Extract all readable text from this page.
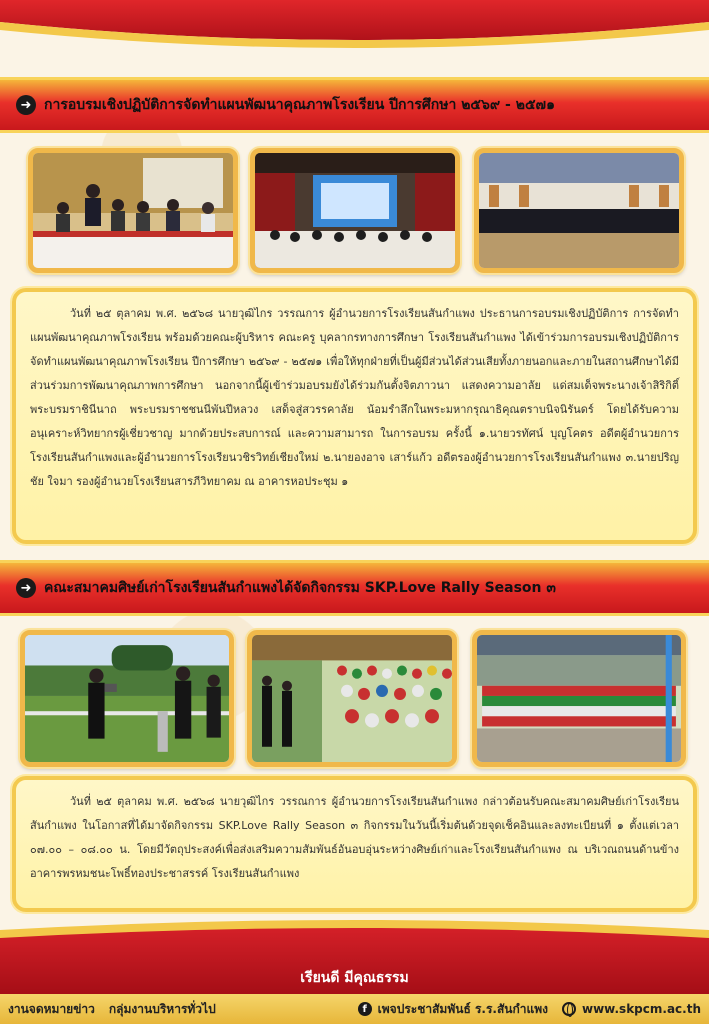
➜ การอบรมเชิงปฏิบัติการจัดทำแผนพัฒนาคุณภาพโรงเรียน ปีการศึกษา ๒๕๖๙ - ๒๕๗๑
วันที่ ๒๕ ตุลาคม พ.ศ. ๒๕๖๘ นายวุฒิไกร วรรณการ ผู้อำนวยการโรงเรียนสันกำแพง ประธานการอบรมเชิงปฏิบัติการ การจัดทำแผนพัฒนาคุณภาพโรงเรียน พร้อมด้วยคณะผู้บริหาร คณะครู บุคลากรทางการศึกษา โรงเรียนสันกำแพง ได้เข้าร่วมการอบรมเชิงปฏิบัติการจัดทำแผนพัฒนาคุณภาพโรงเรียน ปีการศึกษา ๒๕๖๙ - ๒๕๗๑ เพื่อให้ทุกฝ่ายที่เป็นผู้มีส่วนได้ส่วนเสียทั้งภายนอกและภายในสถานศึกษาได้มีส่วนร่วมการพัฒนาคุณภาพการศึกษา นอกจากนี้ผู้เข้าร่วมอบรมยังได้ร่วมกันตั้งจิตภาวนา แสดงความอาลัย แด่สมเด็จพระนางเจ้าสิริกิติ์ พระบรมราชินีนาถ พระบรมราชชนนีพันปีหลวง เสด็จสู่สวรรคาลัย น้อมรำลึกในพระมหากรุณาธิคุณตราบนิจนิรันดร์ โดยได้รับความอนุเคราะห์วิทยากรผู้เชี่ยวชาญ มากด้วยประสบการณ์ และความสามารถ ในการอบรม ครั้งนี้ ๑.นายวรทัศน์ บุญโคตร อดีตผู้อำนวยการโรงเรียนสันกำแพงและผู้อำนวยการโรงเรียนวชิรวิทย์เชียงใหม่ ๒.นายองอาจ เสาร์แก้ว อดีตรองผู้อำนวยการโรงเรียนสันกำแพง ๓.นายปริญชัย ใจมา รองผู้อำนวยโรงเรียนสารภีวิทยาคม ณ อาคารหอประชุม ๑
➜ คณะสมาคมศิษย์เก่าโรงเรียนสันกำแพงได้จัดกิจกรรม SKP.Love Rally Season ๓
วันที่ ๒๕ ตุลาคม พ.ศ. ๒๕๖๘ นายวุฒิไกร วรรณการ ผู้อำนวยการโรงเรียนสันกำแพง กล่าวต้อนรับคณะสมาคมศิษย์เก่าโรงเรียนสันกำแพง ในโอกาสที่ได้มาจัดกิจกรรม SKP.Love Rally Season ๓ กิจกรรมในวันนี้เริ่มต้นด้วยจุดเช็คอินและลงทะเบียนที่ ๑ ตั้งแต่เวลา ๐๗.๐๐ – ๐๘.๐๐ น. โดยมีวัตถุประสงค์เพื่อส่งเสริมความสัมพันธ์อันอบอุ่นระหว่างศิษย์เก่าและโรงเรียนสันกำแพง ณ บริเวณถนนด้านข้างอาคารพรหมชนะโพธิ์ทองประชาสรรค์ โรงเรียนสันกำแพง
เรียนดี มีคุณธรรม
งานจดหมายข่าว กลุ่มงานบริหารทั่วไป	f เพจประชาสัมพันธ์ ร.ร.สันกำแพง	www.skpcm.ac.th
